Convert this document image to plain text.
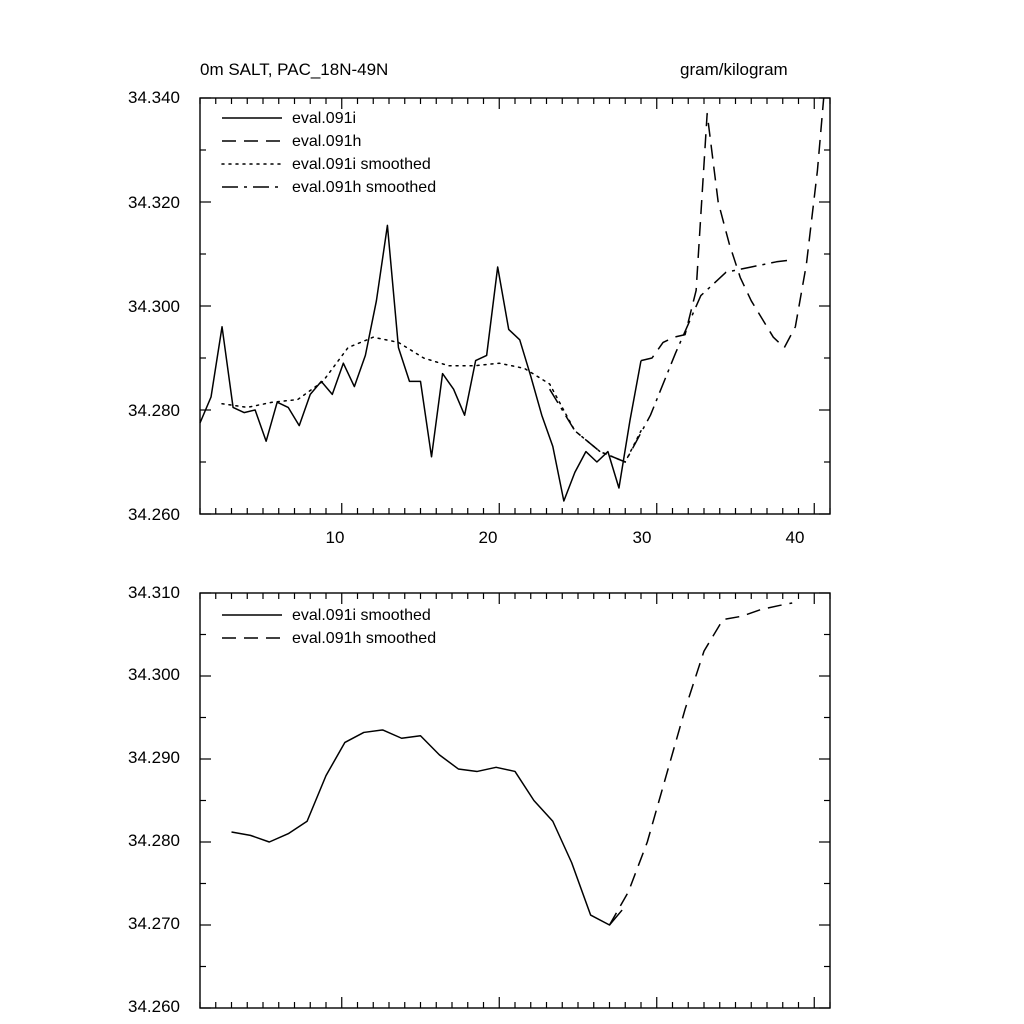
0m SALT, PAC_18N-49N	gram/kilogram
34.340
34.320
34.300
34.280
34.260
10	20	30	40
eval.091i
eval.091h
eval.091i smoothed
eval.091h smoothed
34.310
34.300
34.290
34.280
34.270
34.260
eval.091i smoothed
eval.091h smoothed
